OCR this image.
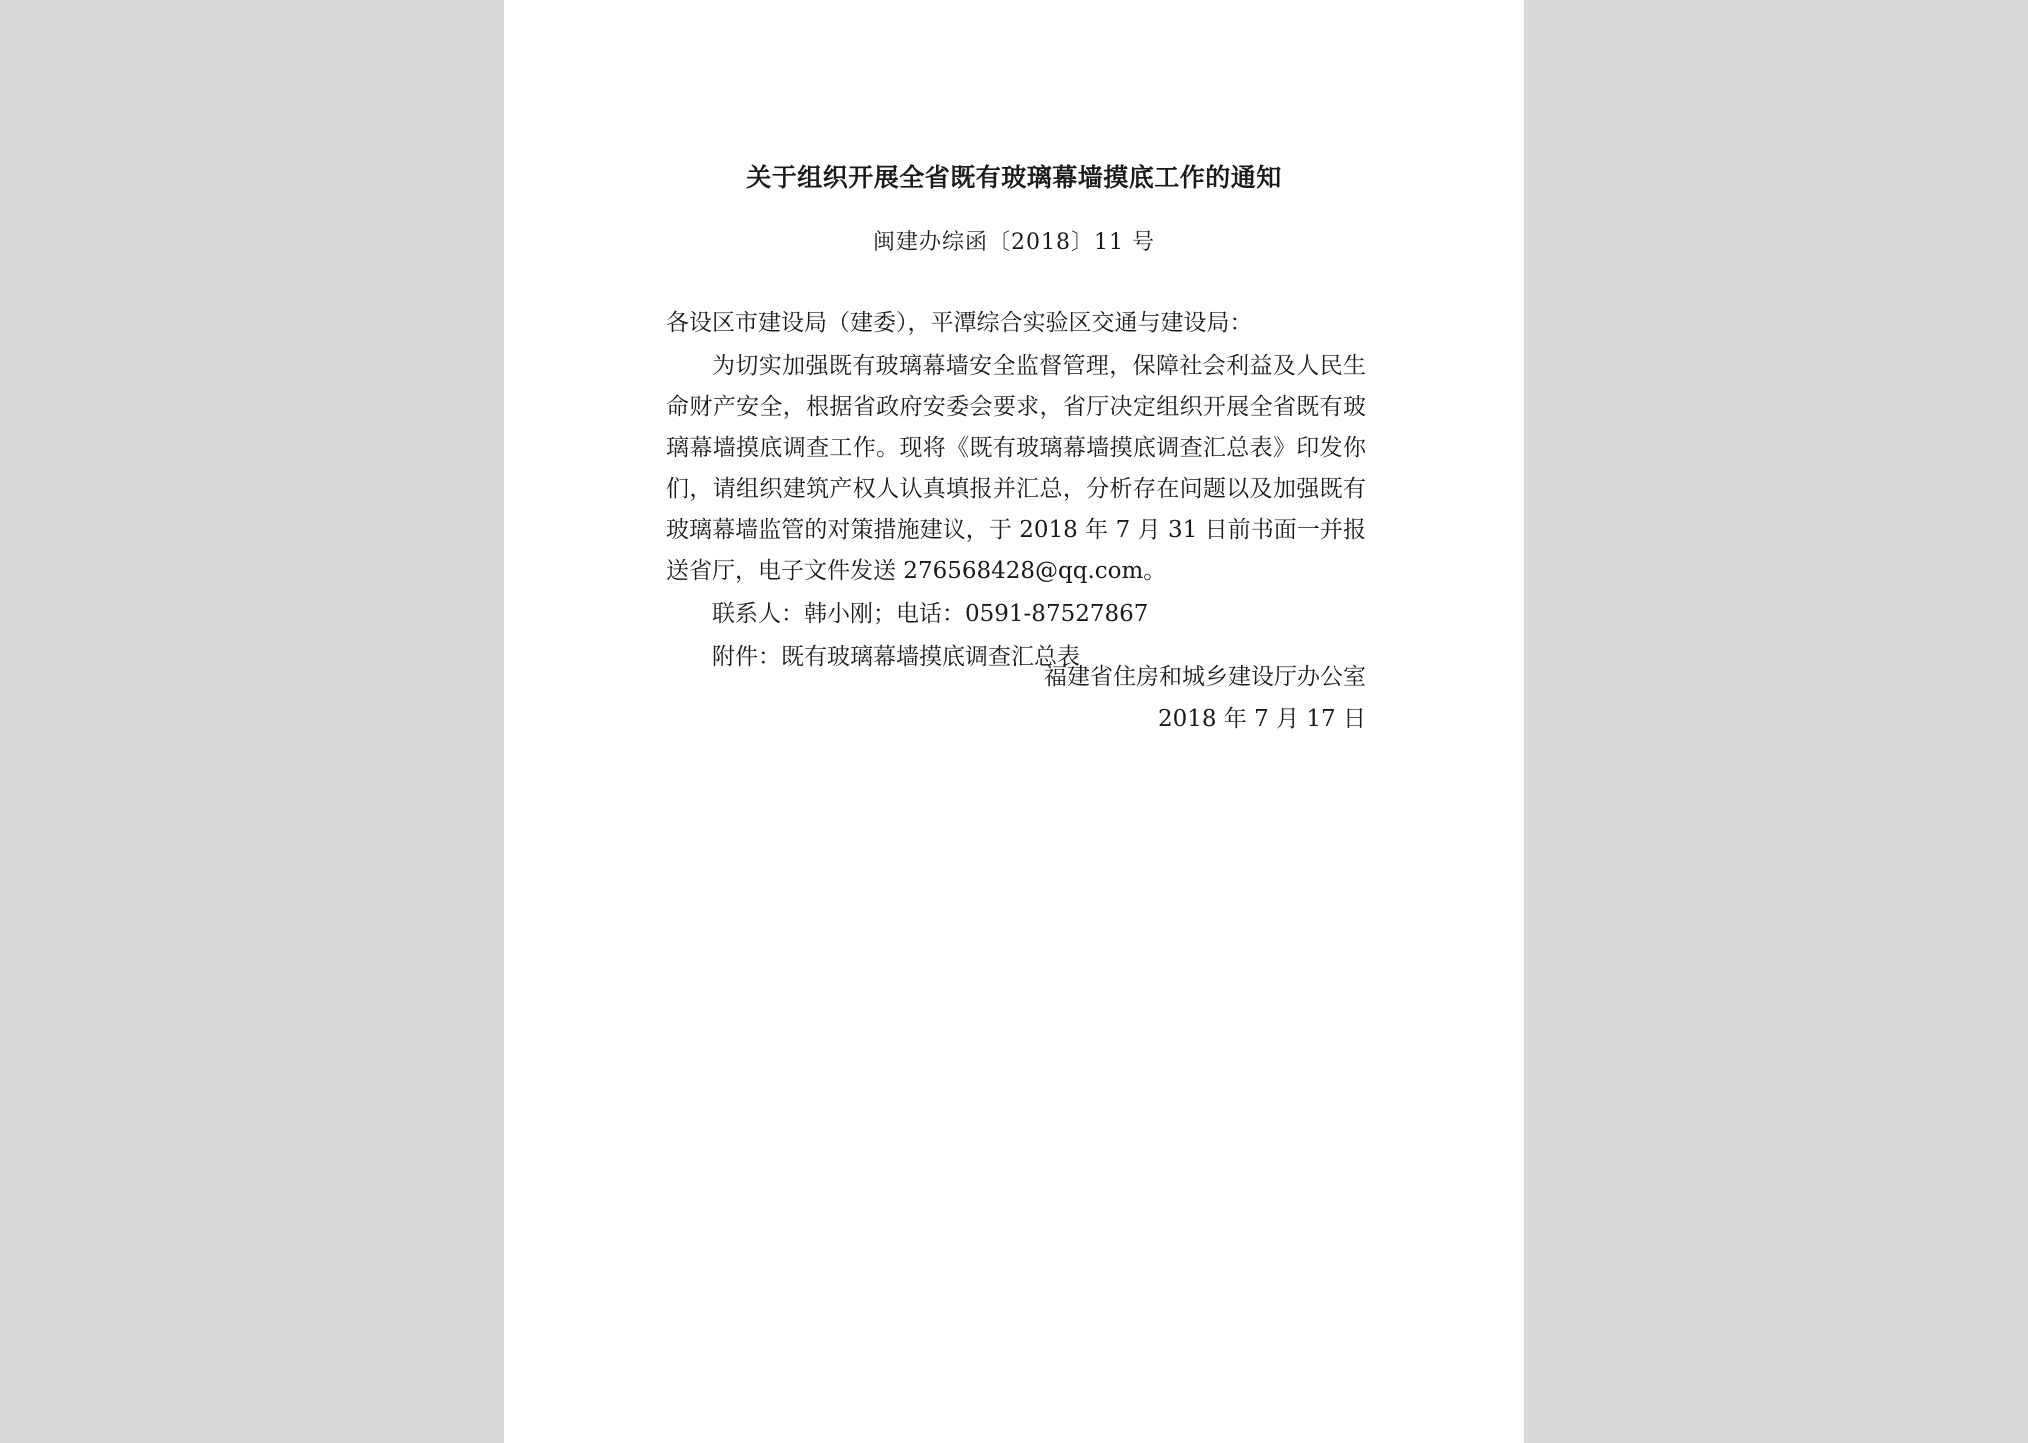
关于组织开展全省既有玻璃幕墙摸底工作的通知
闽建办综函〔2018〕11 号

各设区市建设局（建委），平潭综合实验区交通与建设局：

为切实加强既有玻璃幕墙安全监督管理，保障社会利益及人民生命财产安全，根据省政府安委会要求，省厅决定组织开展全省既有玻璃幕墙摸底调查工作。现将《既有玻璃幕墙摸底调查汇总表》印发你们，请组织建筑产权人认真填报并汇总，分析存在问题以及加强既有玻璃幕墙监管的对策措施建议，于 2018 年 7 月 31 日前书面一并报送省厅，电子文件发送 276568428@qq.com。

联系人：韩小刚；电话：0591-87527867

附件：既有玻璃幕墙摸底调查汇总表

福建省住房和城乡建设厅办公室
2018 年 7 月 17 日
